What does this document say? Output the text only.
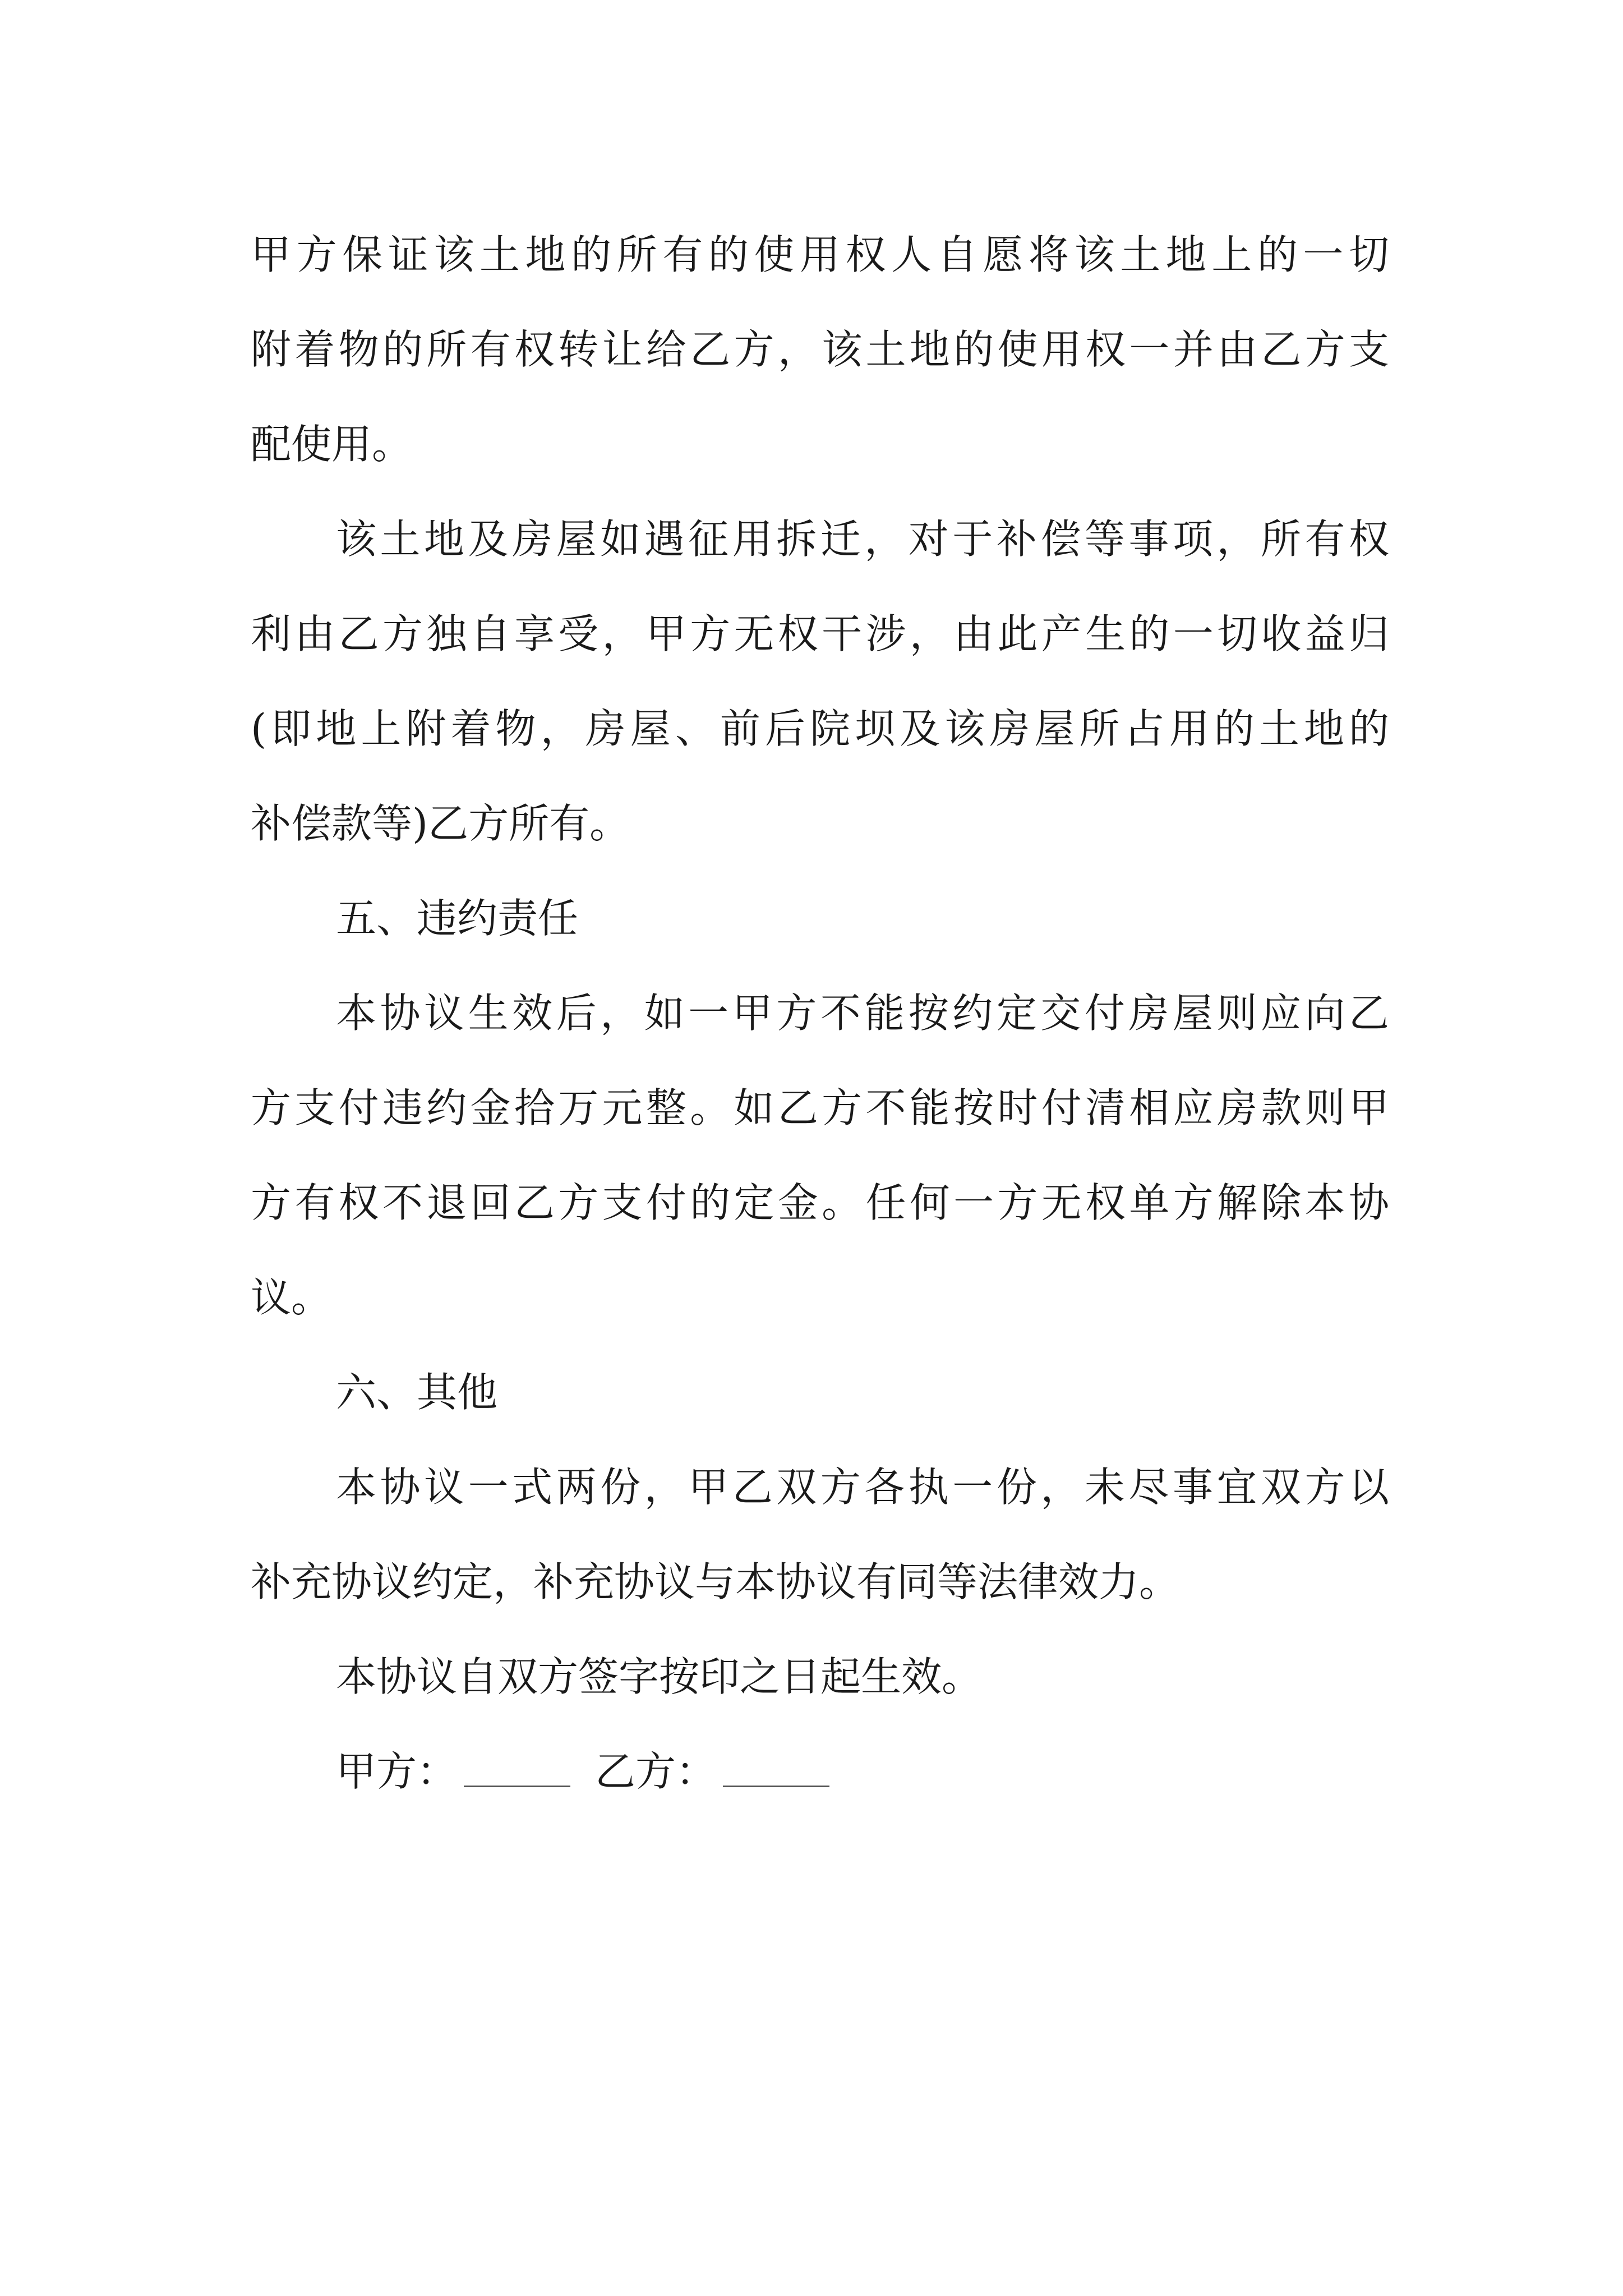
甲方保证该土地的所有的使用权人自愿将该土地上的一切
附着物的所有权转让给乙方，该土地的使用权一并由乙方支
配使用。
该土地及房屋如遇征用拆迁，对于补偿等事项，所有权
利由乙方独自享受，甲方无权干涉，由此产生的一切收益归
(即地上附着物，房屋、前后院坝及该房屋所占用的土地的
补偿款等)乙方所有。
五、违约责任
本协议生效后，如一甲方不能按约定交付房屋则应向乙
方支付违约金拾万元整。如乙方不能按时付清相应房款则甲
方有权不退回乙方支付的定金。任何一方无权单方解除本协
议。
六、其他
本协议一式两份，甲乙双方各执一份，未尽事宜双方以
补充协议约定，补充协议与本协议有同等法律效力。
本协议自双方签字按印之日起生效。
甲方：	乙方：
